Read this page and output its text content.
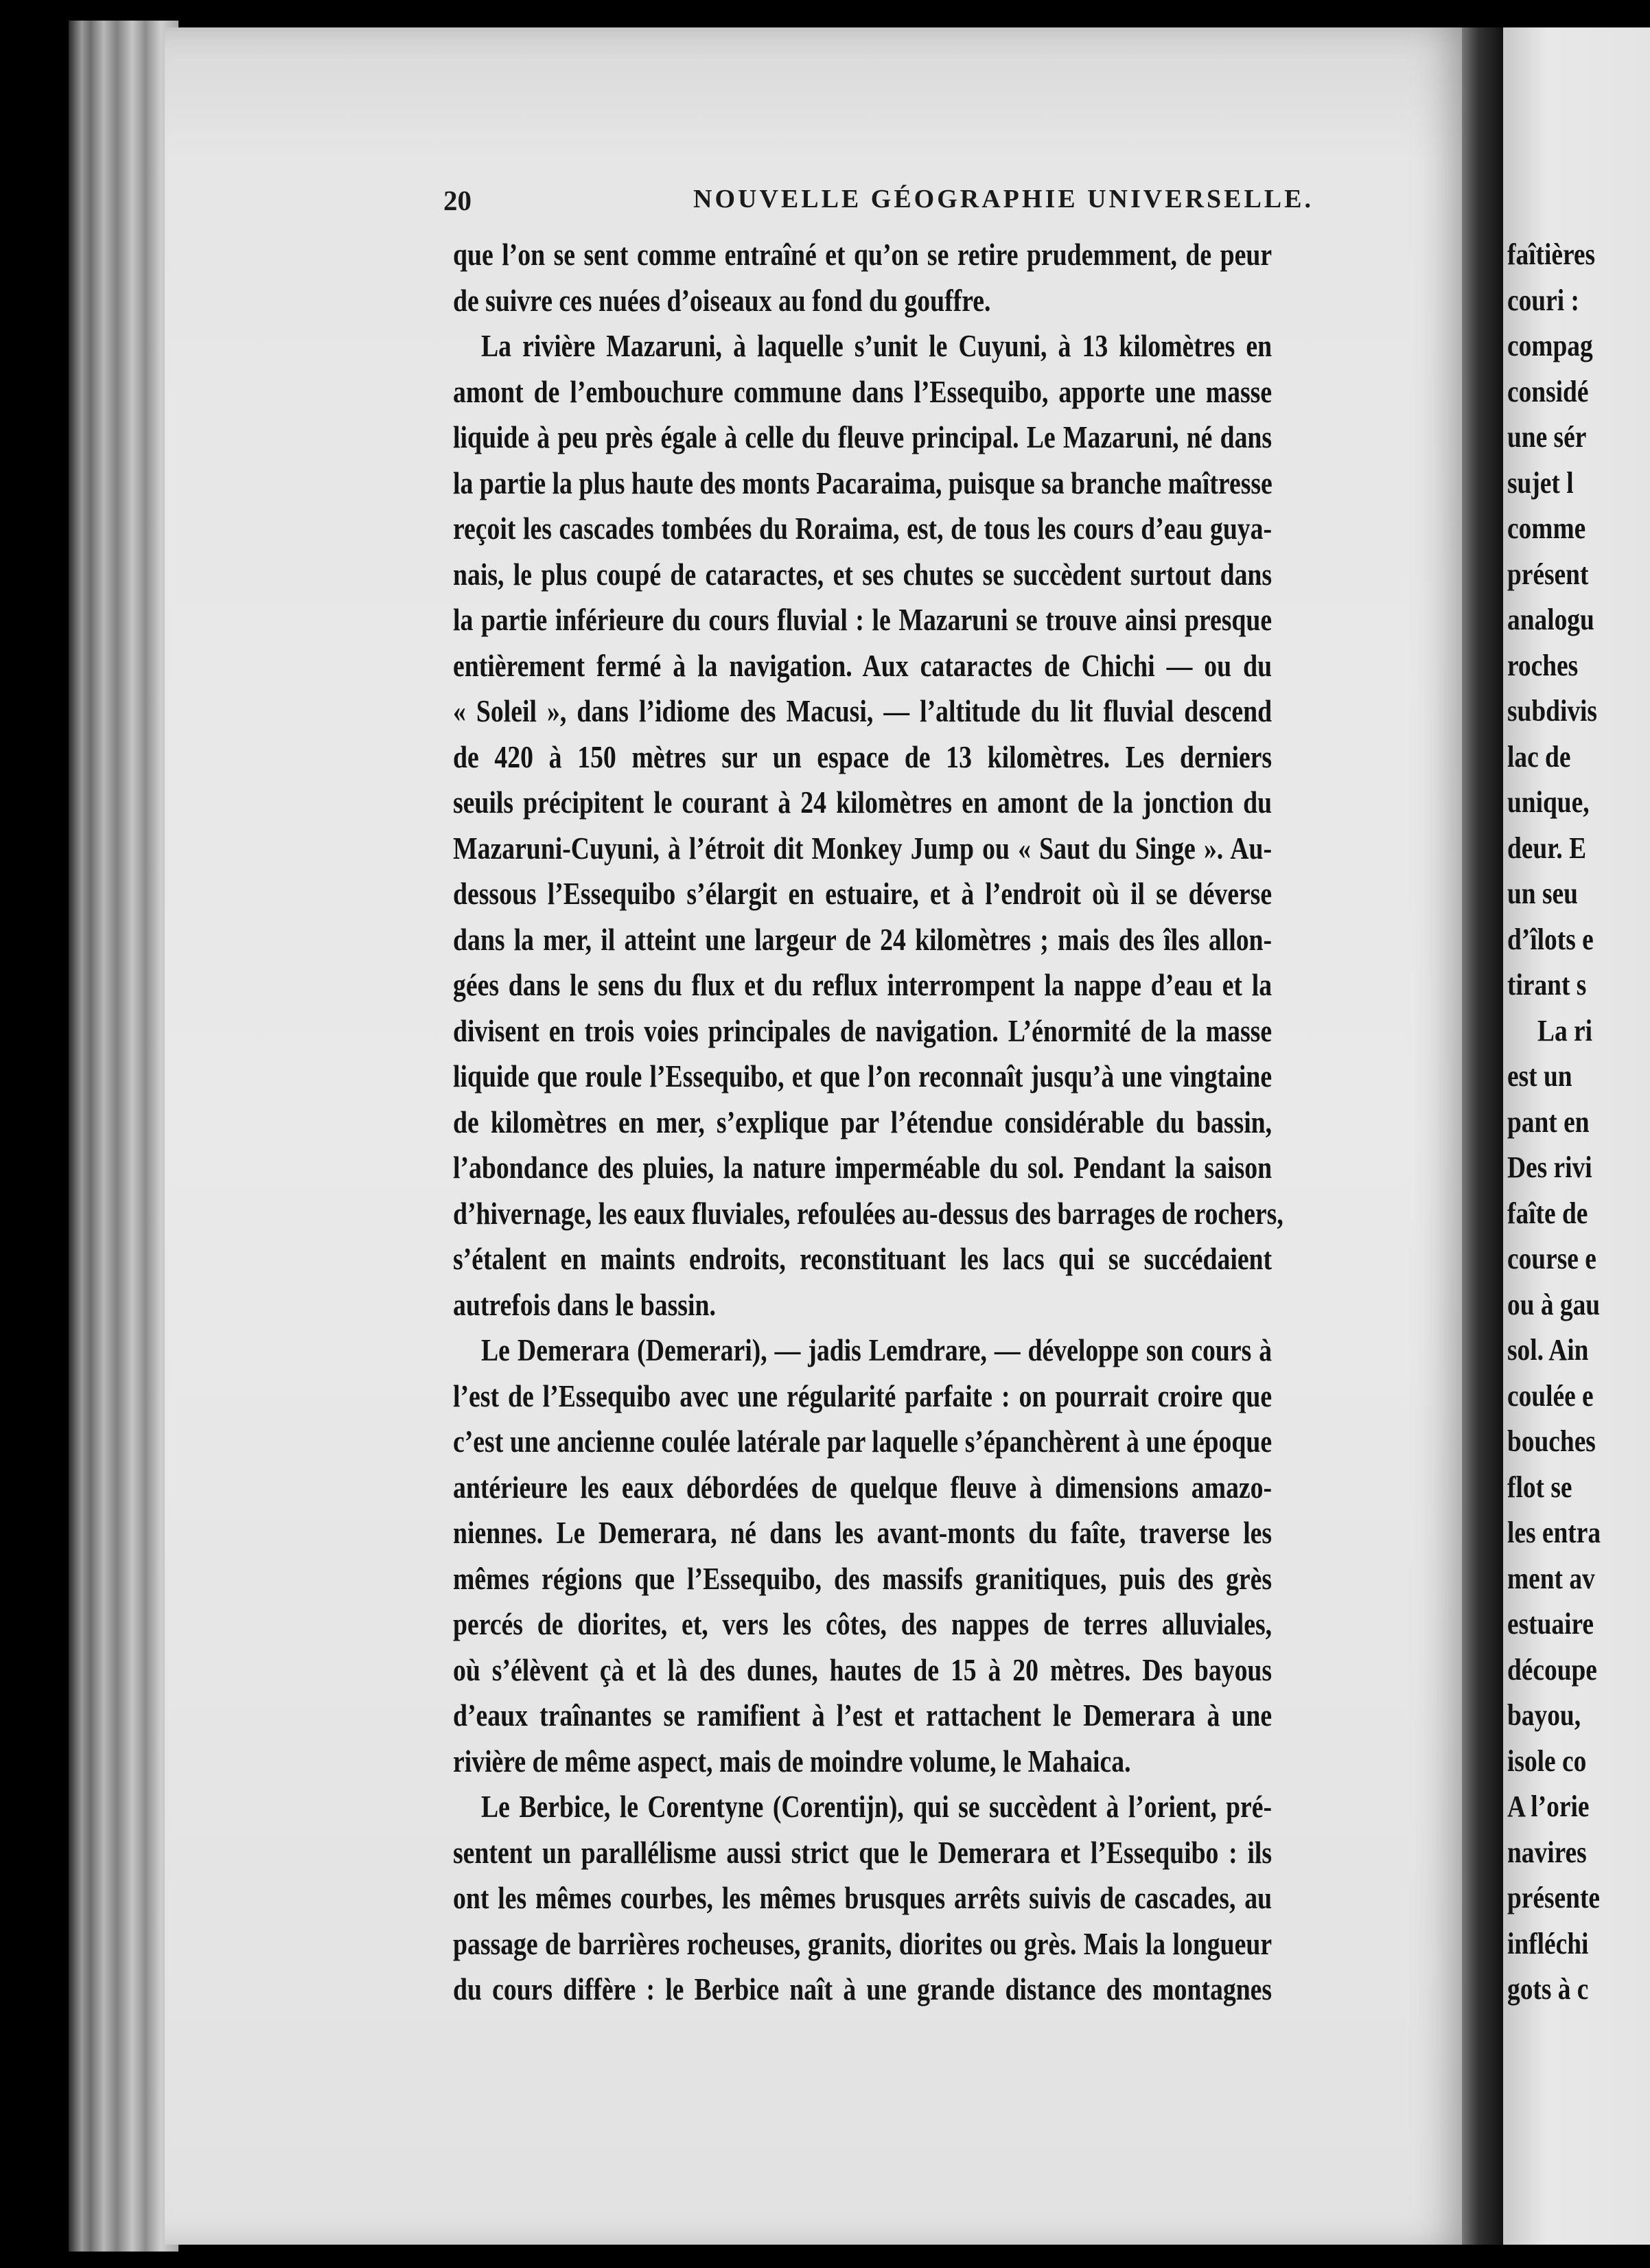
faîtières
couri :
compag
considé
une sér
sujet l
comme
présent
analogu
roches
subdivis
lac de
unique,
deur. E
un seu
d’îlots e
tirant s
La ri
est un
pant en
Des rivi
faîte de
course e
ou à gau
sol. Ain
coulée e
bouches
flot se
les entra
ment av
estuaire
découpe
bayou,
isole co
A l’orie
navires
présente
infléchi
gots à c
20	NOUVELLE GÉOGRAPHIE UNIVERSELLE.
que l’on se sent comme entraîné et qu’on se retire prudemment, de peur
de suivre ces nuées d’oiseaux au fond du gouffre.
La rivière Mazaruni, à laquelle s’unit le Cuyuni, à 13 kilomètres en
amont de l’embouchure commune dans l’Essequibo, apporte une masse
liquide à peu près égale à celle du fleuve principal. Le Mazaruni, né dans
la partie la plus haute des monts Pacaraima, puisque sa branche maîtresse
reçoit les cascades tombées du Roraima, est, de tous les cours d’eau guya-
nais, le plus coupé de cataractes, et ses chutes se succèdent surtout dans
la partie inférieure du cours fluvial : le Mazaruni se trouve ainsi presque
entièrement fermé à la navigation. Aux cataractes de Chichi — ou du
« Soleil », dans l’idiome des Macusi, — l’altitude du lit fluvial descend
de 420 à 150 mètres sur un espace de 13 kilomètres. Les derniers
seuils précipitent le courant à 24 kilomètres en amont de la jonction du
Mazaruni-Cuyuni, à l’étroit dit Monkey Jump ou « Saut du Singe ». Au-
dessous l’Essequibo s’élargit en estuaire, et à l’endroit où il se déverse
dans la mer, il atteint une largeur de 24 kilomètres ; mais des îles allon-
gées dans le sens du flux et du reflux interrompent la nappe d’eau et la
divisent en trois voies principales de navigation. L’énormité de la masse
liquide que roule l’Essequibo, et que l’on reconnaît jusqu’à une vingtaine
de kilomètres en mer, s’explique par l’étendue considérable du bassin,
l’abondance des pluies, la nature imperméable du sol. Pendant la saison
d’hivernage, les eaux fluviales, refoulées au-dessus des barrages de rochers,
s’étalent en maints endroits, reconstituant les lacs qui se succédaient
autrefois dans le bassin.
Le Demerara (Demerari), — jadis Lemdrare, — développe son cours à
l’est de l’Essequibo avec une régularité parfaite : on pourrait croire que
c’est une ancienne coulée latérale par laquelle s’épanchèrent à une époque
antérieure les eaux débordées de quelque fleuve à dimensions amazo-
niennes. Le Demerara, né dans les avant-monts du faîte, traverse les
mêmes régions que l’Essequibo, des massifs granitiques, puis des grès
percés de diorites, et, vers les côtes, des nappes de terres alluviales,
où s’élèvent çà et là des dunes, hautes de 15 à 20 mètres. Des bayous
d’eaux traînantes se ramifient à l’est et rattachent le Demerara à une
rivière de même aspect, mais de moindre volume, le Mahaica.
Le Berbice, le Corentyne (Corentijn), qui se succèdent à l’orient, pré-
sentent un parallélisme aussi strict que le Demerara et l’Essequibo : ils
ont les mêmes courbes, les mêmes brusques arrêts suivis de cascades, au
passage de barrières rocheuses, granits, diorites ou grès. Mais la longueur
du cours diffère : le Berbice naît à une grande distance des montagnes
